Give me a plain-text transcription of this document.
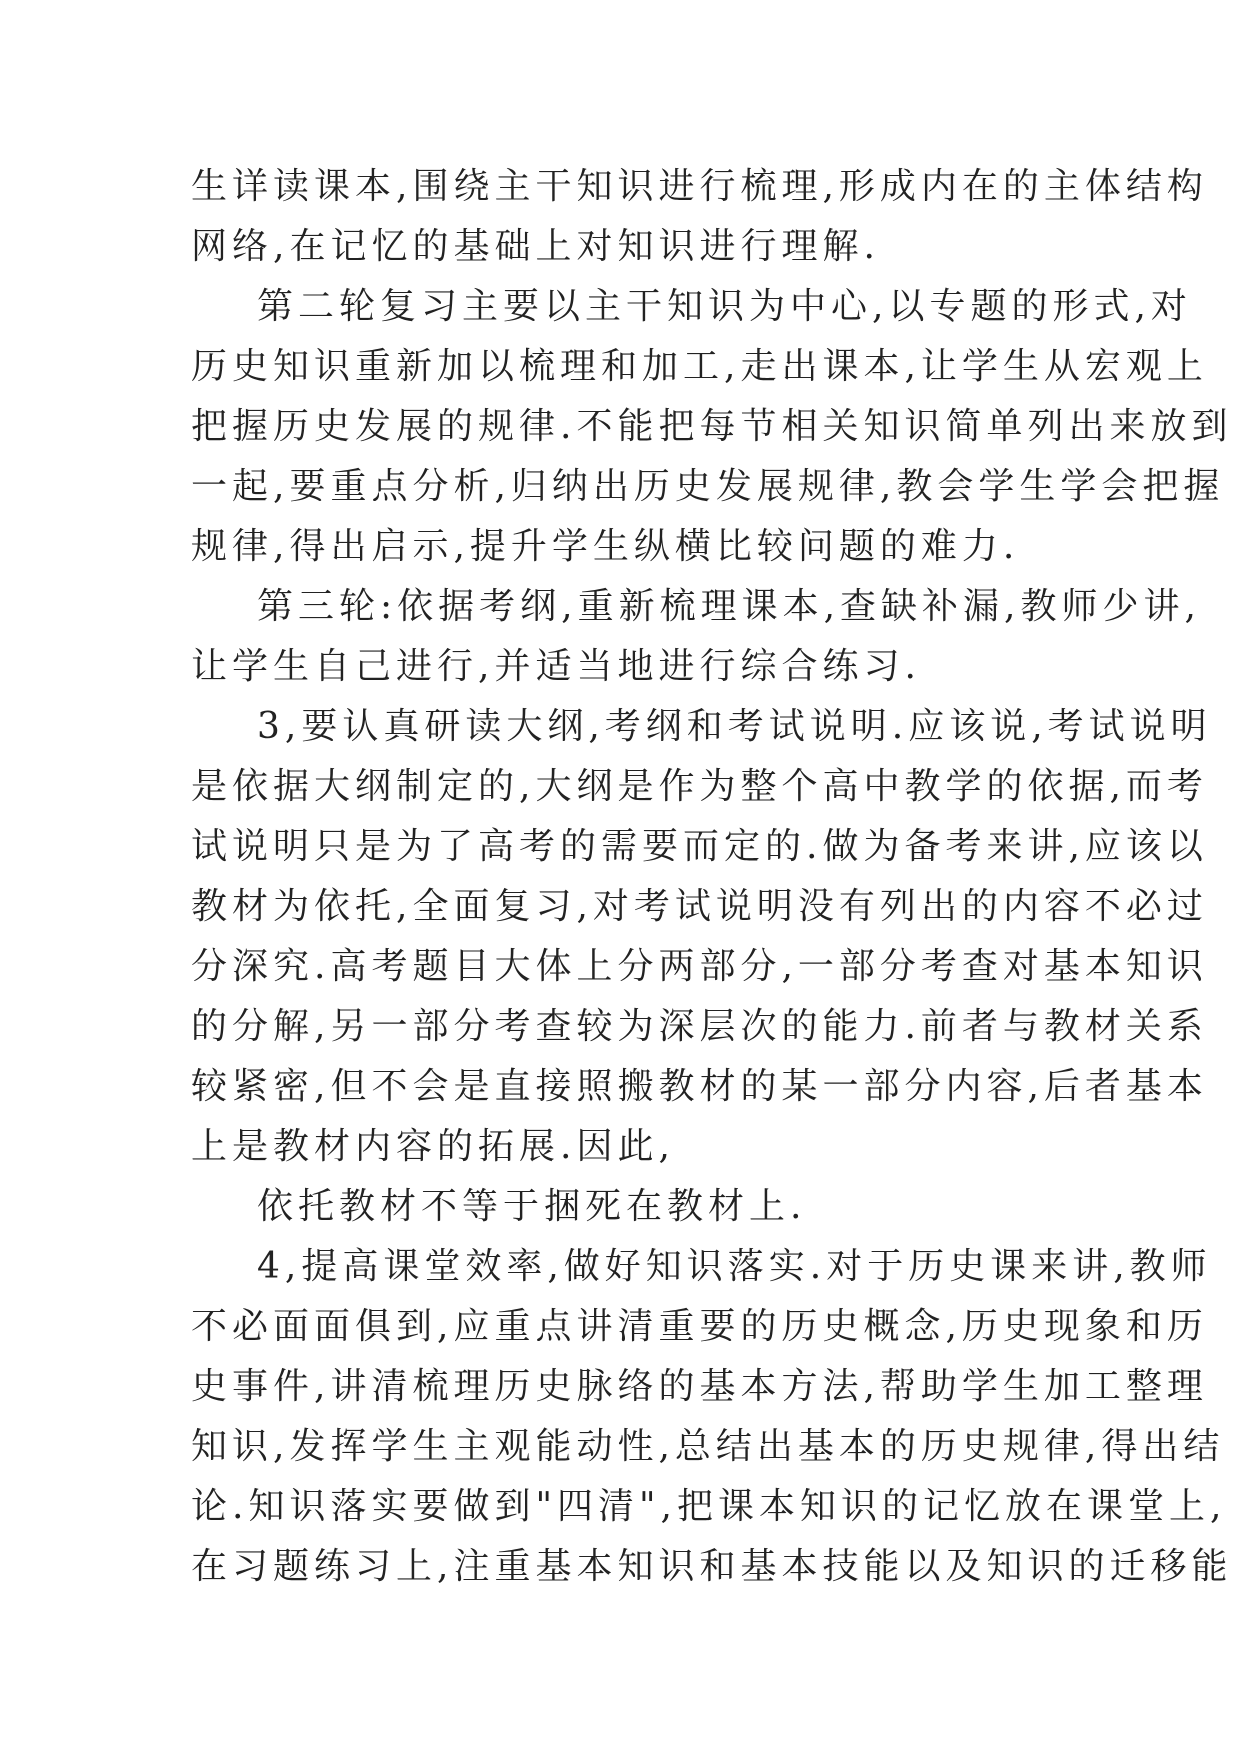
生详读课本,围绕主干知识进行梳理,形成内在的主体结构
网络,在记忆的基础上对知识进行理解.
第二轮复习主要以主干知识为中心,以专题的形式,对
历史知识重新加以梳理和加工,走出课本,让学生从宏观上
把握历史发展的规律.不能把每节相关知识简单列出来放到
一起,要重点分析,归纳出历史发展规律,教会学生学会把握
规律,得出启示,提升学生纵横比较问题的难力.
第三轮:依据考纲,重新梳理课本,查缺补漏,教师少讲,
让学生自己进行,并适当地进行综合练习.
3,要认真研读大纲,考纲和考试说明.应该说,考试说明
是依据大纲制定的,大纲是作为整个高中教学的依据,而考
试说明只是为了高考的需要而定的.做为备考来讲,应该以
教材为依托,全面复习,对考试说明没有列出的内容不必过
分深究.高考题目大体上分两部分,一部分考查对基本知识
的分解,另一部分考查较为深层次的能力.前者与教材关系
较紧密,但不会是直接照搬教材的某一部分内容,后者基本
上是教材内容的拓展.因此,
依托教材不等于捆死在教材上.
4,提高课堂效率,做好知识落实.对于历史课来讲,教师
不必面面俱到,应重点讲清重要的历史概念,历史现象和历
史事件,讲清梳理历史脉络的基本方法,帮助学生加工整理
知识,发挥学生主观能动性,总结出基本的历史规律,得出结
论.知识落实要做到"四清",把课本知识的记忆放在课堂上,
在习题练习上,注重基本知识和基本技能以及知识的迁移能
